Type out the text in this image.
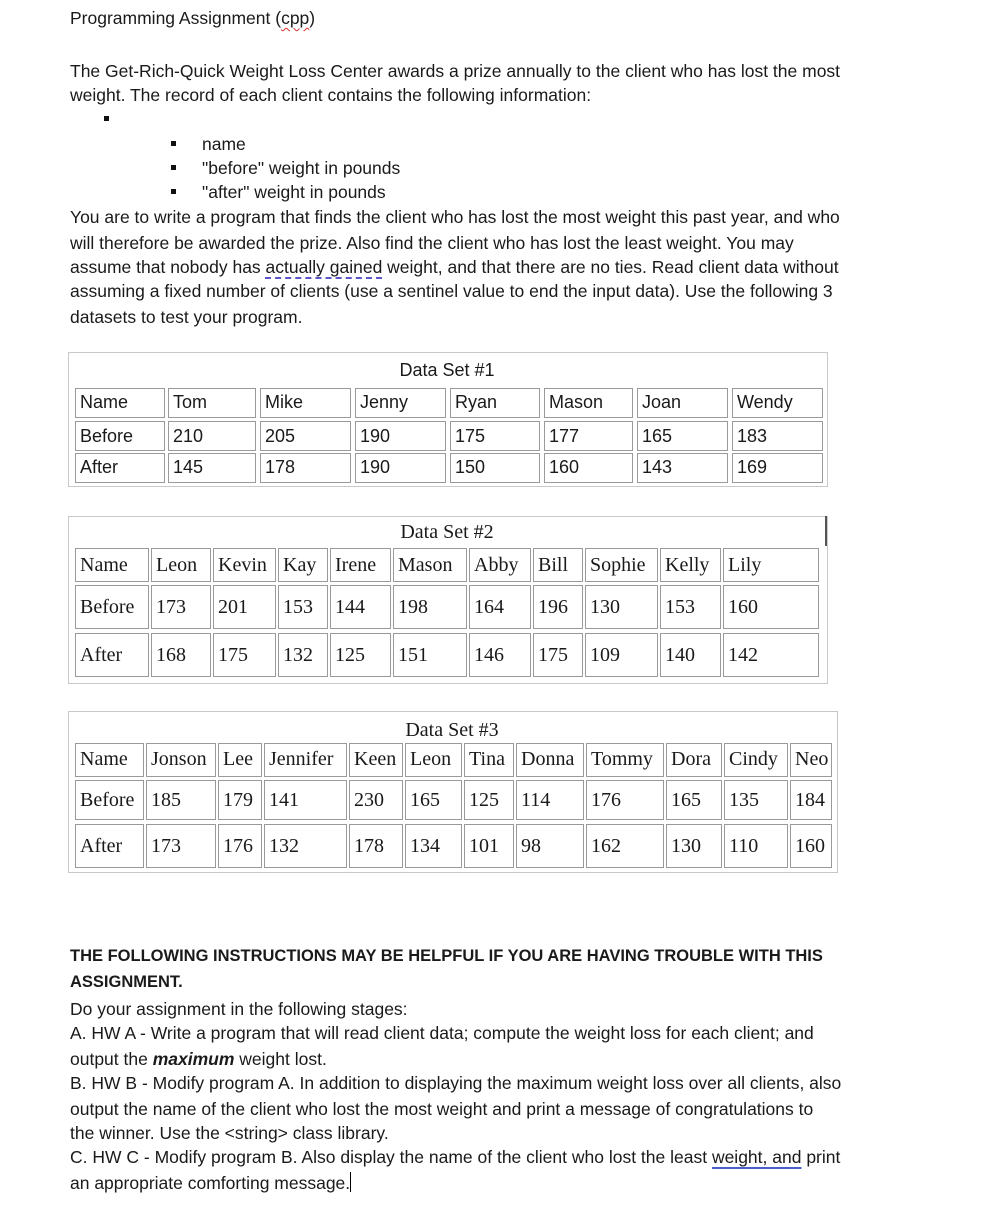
Programming Assignment (cpp)
The Get-Rich-Quick Weight Loss Center awards a prize annually to the client who has lost the most
weight. The record of each client contains the following information:
name
"before" weight in pounds
"after" weight in pounds
You are to write a program that finds the client who has lost the most weight this past year, and who
will therefore be awarded the prize. Also find the client who has lost the least weight. You may
assume that nobody has actually gained weight, and that there are no ties. Read client data without
assuming a fixed number of clients (use a sentinel value to end the input data). Use the following 3
datasets to test your program.
Data Set #1
Name Tom	Mike	Jenny	Ryan	Mason Joan	Wendy
Before 210	205	190	175	177	165	183
After	145	178	190	150	160	143	169
Data Set #2
Name Leon Kevin Kay Irene Mason Abby Bill Sophie Kelly Lily
Before 173 201 153 144 198 164 196 130 153 160
After 168 175 132 125 151 146 175 109 140 142
Data Set #3
Name Jonson Lee Jennifer Keen Leon Tina Donna Tommy Dora Cindy Neo
Before 185 179 141	230 165 125 114 176	165 135 184
After 173 176 132	178 134 101 98	162	130 110 160
THE FOLLOWING INSTRUCTIONS MAY BE HELPFUL IF YOU ARE HAVING TROUBLE WITH THIS
ASSIGNMENT.
Do your assignment in the following stages:
A. HW A - Write a program that will read client data; compute the weight loss for each client; and
output the maximum weight lost.
B. HW B - Modify program A. In addition to displaying the maximum weight loss over all clients, also
output the name of the client who lost the most weight and print a message of congratulations to
the winner. Use the <string> class library.
C. HW C - Modify program B. Also display the name of the client who lost the least weight, and print
an appropriate comforting message.
